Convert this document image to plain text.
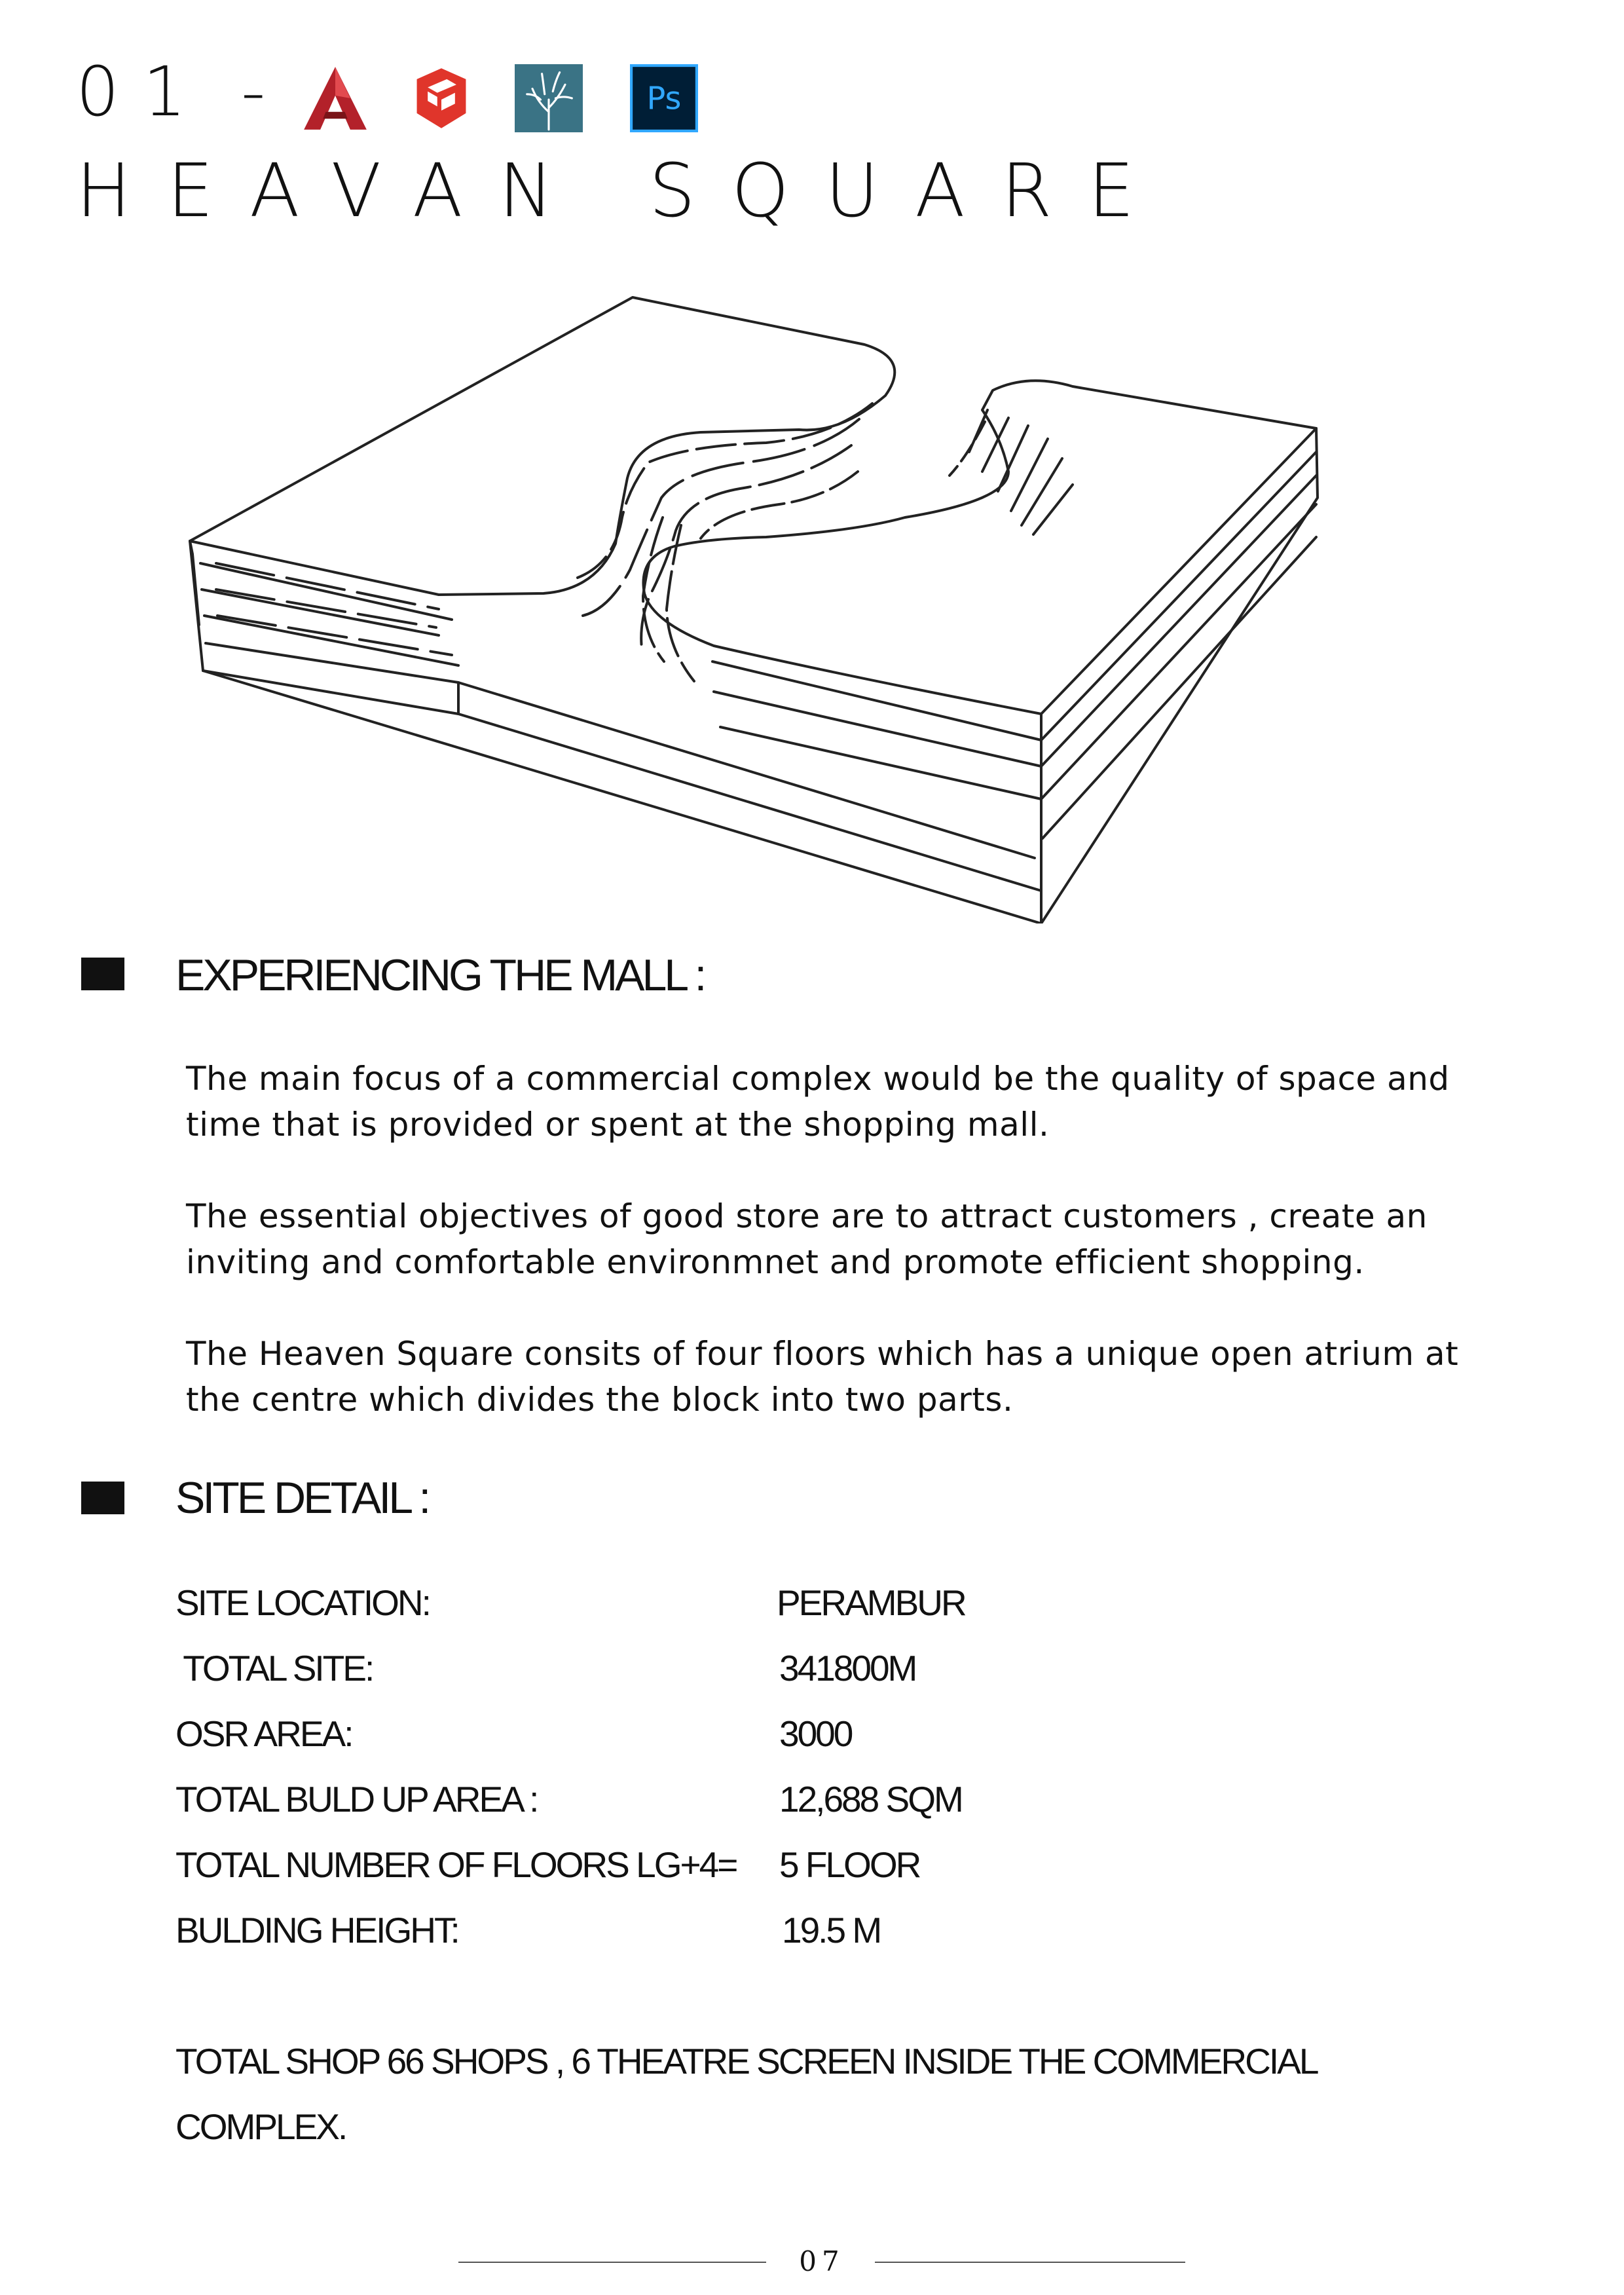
01 -	Ps
HEAVAN SQUARE
EXPERIENCING THE MALL :
The main focus of a commercial complex would be the quality of space and time that is provided or spent at the shopping mall.
The essential objectives of good store are to attract customers , create an inviting and comfortable environmnet and promote efficient shopping.
The Heaven Square consits of four floors which has a unique open atrium at the centre which divides the block into two parts.
SITE DETAIL :
SITE LOCATION:	PERAMBUR
TOTAL SITE:	341800M
OSR AREA:	3000
TOTAL BULD UP AREA :	12,688 SQM
TOTAL NUMBER OF FLOORS LG+4= 5 FLOOR
BULDING HEIGHT:	19.5 M
TOTAL SHOP 66 SHOPS , 6 THEATRE SCREEN INSIDE THE COMMERCIAL
COMPLEX.
07
